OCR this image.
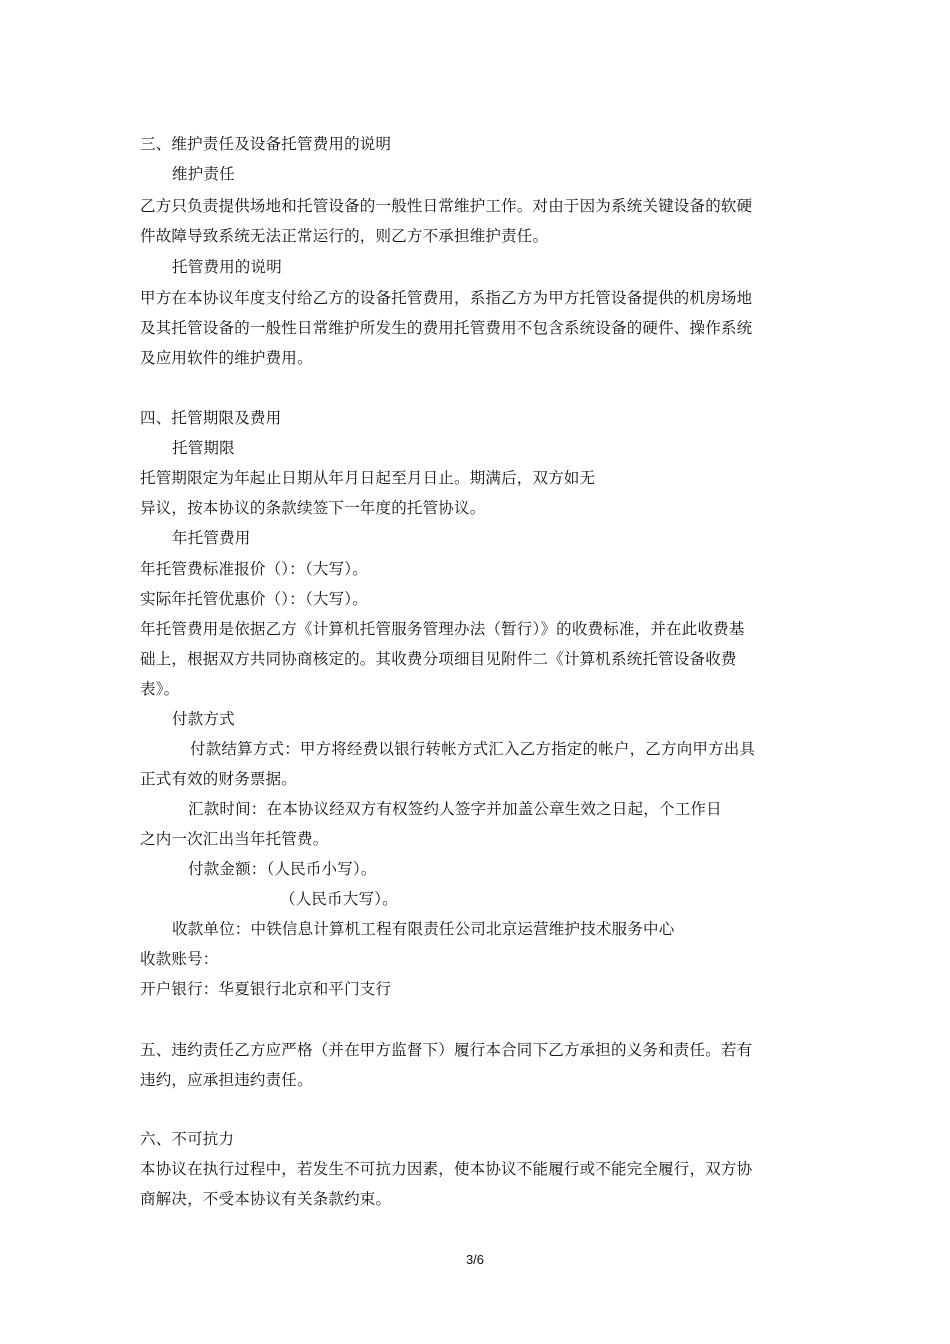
三、维护责任及设备托管费用的说明
维护责任
乙方只负责提供场地和托管设备的一般性日常维护工作。对由于因为系统关键设备的软硬
件故障导致系统无法正常运行的，则乙方不承担维护责任。
托管费用的说明
甲方在本协议年度支付给乙方的设备托管费用，系指乙方为甲方托管设备提供的机房场地
及其托管设备的一般性日常维护所发生的费用托管费用不包含系统设备的硬件、操作系统
及应用软件的维护费用。
四、托管期限及费用
托管期限
托管期限定为年起止日期从年月日起至月日止。期满后，双方如无
异议，按本协议的条款续签下一年度的托管协议。
年托管费用
年托管费标准报价（）：（大写）。
实际年托管优惠价（）：（大写）。
年托管费用是依据乙方《计算机托管服务管理办法（暂行）》的收费标准，并在此收费基
础上，根据双方共同协商核定的。其收费分项细目见附件二《计算机系统托管设备收费
表》。
付款方式
付款结算方式：甲方将经费以银行转帐方式汇入乙方指定的帐户，乙方向甲方出具
正式有效的财务票据。
汇款时间：在本协议经双方有权签约人签字并加盖公章生效之日起，个工作日
之内一次汇出当年托管费。
付款金额：（人民币小写）。
（人民币大写）。
收款单位：中铁信息计算机工程有限责任公司北京运营维护技术服务中心
收款账号：
开户银行：华夏银行北京和平门支行
五、违约责任乙方应严格（并在甲方监督下）履行本合同下乙方承担的义务和责任。若有
违约，应承担违约责任。
六、不可抗力
本协议在执行过程中，若发生不可抗力因素，使本协议不能履行或不能完全履行，双方协
商解决，不受本协议有关条款约束。
3/6
